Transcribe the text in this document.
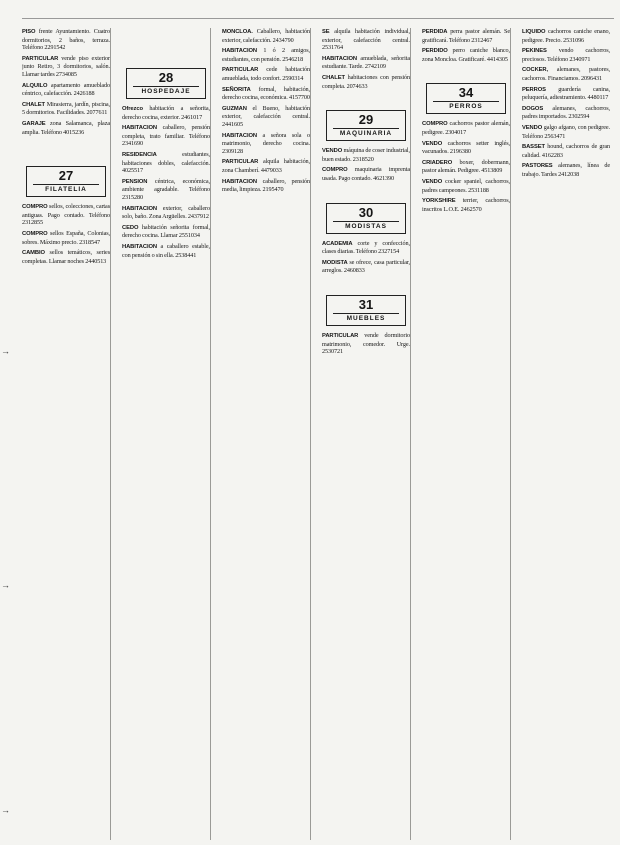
→
→
→

PISO frente Ayuntamiento. Cuatro dormitorios, 2 baños, terraza. Teléfono 2291542

PARTICULAR vende piso exterior junto Retiro, 3 dormitorios, salón. Llamar tardes 2734085

ALQUILO apartamento amueblado céntrico, calefacción. 2426188

CHALET Mirasierra, jardín, piscina, 5 dormitorios. Facilidades. 2077611

GARAJE zona Salamanca, plaza amplia. Teléfono 4015236

27
FILATELIA

COMPRO sellos, colecciones, cartas antiguas. Pago contado. Teléfono 2312855

COMPRO sellos España, Colonias, sobres. Máximo precio. 2318547

CAMBIO sellos temáticos, series completas. Llamar noches 2440513

28
HOSPEDAJE

Ofrezco habitación a señorita, derecho cocina, exterior. 2461017

HABITACION caballero, pensión completa, trato familiar. Teléfono 2341690

RESIDENCIA	estudiantes, habitaciones dobles, calefacción. 4025517

PENSION céntrica, económica, ambiente agradable. Teléfono 2315280

HABITACION exterior, caballero solo, baño. Zona Argüelles. 2437912

CEDO habitación señorita formal, derecho cocina. Llamar 2551034

HABITACION a caballero estable, con pensión o sin ella. 2538441

MONCLOA. Caballero, habitación exterior, calefacción. 2434790

HABITACION 1 ó 2 amigos, estudiantes, con pensión. 2546218

PARTICULAR cede habitación amueblada, todo confort. 2590314

SEÑORITA formal, habitación, derecho cocina, económica. 4157700

GUZMAN el Bueno, habitación exterior, calefacción central. 2441605

HABITACION a señora sola o matrimonio, derecho cocina. 2309128

PARTICULAR alquila habitación, zona Chamberí. 4479033

HABITACION caballero, pensión media, limpieza. 2195470

SE alquila habitación individual, exterior, calefacción central. 2531764

HABITACION amueblada, señorita estudiante. Tarde. 2742109

CHALET habitaciones con pensión completa. 2074633

29
MAQUINARIA

VENDO máquina de coser industrial, buen estado. 2318520

COMPRO maquinaria imprenta usada. Pago contado. 4621390

30
MODISTAS

ACADEMIA corte y confección, clases diarias. Teléfono 2327154

MODISTA se ofrece, casa particular, arreglos. 2460833

31
MUEBLES

PARTICULAR vende dormitorio matrimonio, comedor. Urge. 2530721

PERDIDA perra pastor alemán. Se gratificará. Teléfono 2312467

PERDIDO perro caniche blanco, zona Moncloa. Gratificaré. 4414305

34
PERROS

COMPRO cachorros pastor alemán, pedigree. 2304017

VENDO cachorros setter inglés, vacunados. 2196380

CRIADERO boxer, dobermann, pastor alemán. Pedigree. 4513809

VENDO cocker spaniel, cachorros, padres campeones. 2531188

YORKSHIRE terrier, cachorros, inscritos L.O.E. 2462570

LIQUIDO cachorros caniche enano, pedigree. Precio. 2531096

PEKINES vendo cachorros, preciosos. Teléfono 2340971

COCKER, alemanes, pastores, cachorros. Financiamos. 2096431

PERROS guardería canina, peluquería, adiestramiento. 4480117

DOGOS alemanes, cachorros, padres importados. 2302594

VENDO galgo afgano, con pedigree. Teléfono 2563471

BASSET hound, cachorros de gran calidad. 4162283

PASTORES alemanes, línea de trabajo. Tardes 2412038
